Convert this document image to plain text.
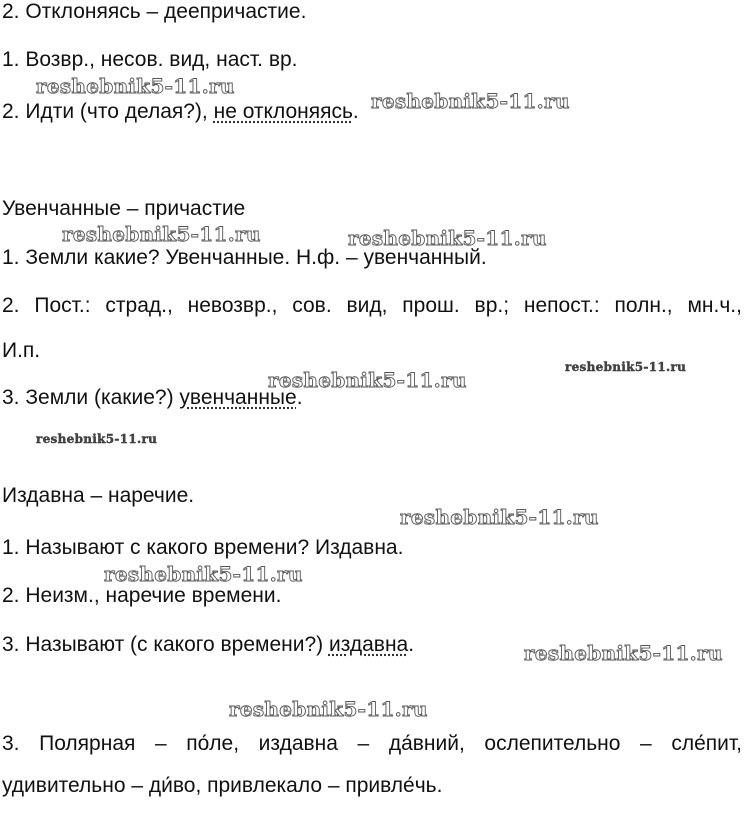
2. Отклоняясь – деепричастие.
1. Возвр., несов. вид, наст. вр.
2. Идти (что делая?), не отклоняясь.
Увенчанные – причастие
1. Земли какие? Увенчанные. Н.ф. – увенчанный.
2. Пост.: страд., невозвр., сов. вид, прош. вр.; непост.: полн., мн.ч.,
И.п.
3. Земли (какие?) увенчанные.
Издавна – наречие.
1. Называют с какого времени? Издавна.
2. Неизм., наречие времени.
3. Называют (с какого времени?) издавна.
3. Полярная – по́ле, издавна – да́вний, ослепительно – сле́пит,
удивительно – ди́во, привлекало – привле́чь.
reshebnik5-11.ru
reshebnik5-11.ru
reshebnik5-11.ru	reshebnik5-11.ru
reshebnik5-11.ru
reshebnik5-11.ru
reshebnik5-11.ru
reshebnik5-11.ru
reshebnik5-11.ru
reshebnik5-11.ru
reshebnik5-11.ru
